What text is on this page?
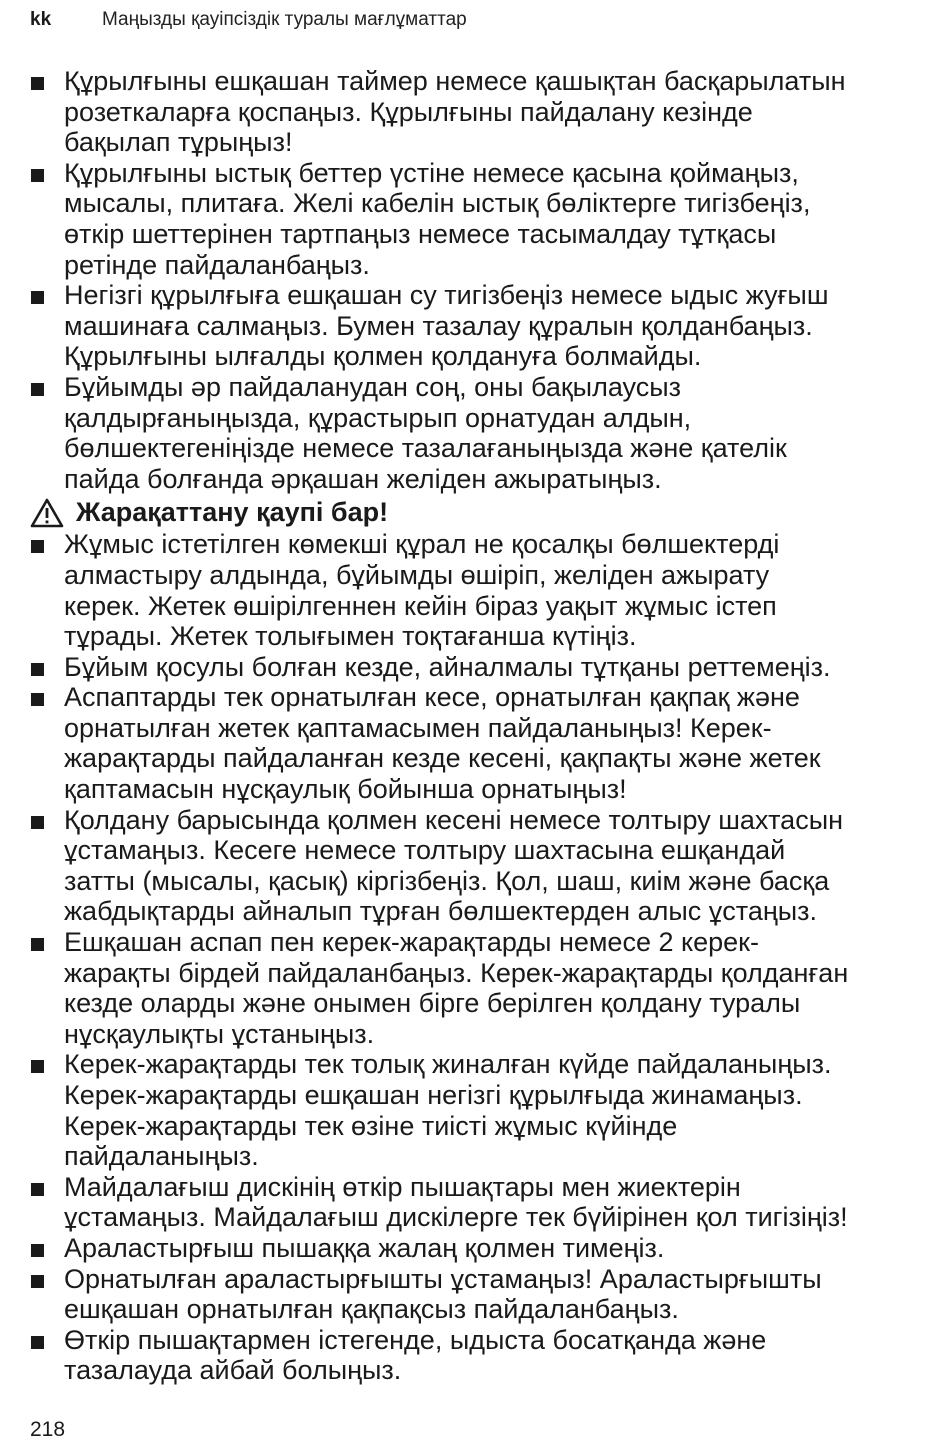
kk	Маңызды қауіпсіздік туралы мағлұматтар
Құрылғыны ешқашан таймер немесе қашықтан басқарылатын
розеткаларға қоспаңыз. Құрылғыны пайдалану кезінде
бақылап тұрыңыз!
Құрылғыны ыстық беттер үстіне немесе қасына қоймаңыз,
мысалы, плитаға. Желі кабелін ыстық бөліктерге тигізбеңіз,
өткір шеттерінен тартпаңыз немесе тасымалдау тұтқасы
ретінде пайдаланбаңыз.
Негізгі құрылғыға ешқашан су тигізбеңіз немесе ыдыс жуғыш
машинаға салмаңыз. Бумен тазалау құралын қолданбаңыз.
Құрылғыны ылғалды қолмен қолдануға болмайды.
Бұйымды әр пайдаланудан соң, оны бақылаусыз
қалдырғаныңызда, құрастырып орнатудан алдын,
бөлшектегеніңізде немесе тазалағаныңызда және қателік
пайда болғанда әрқашан желіден ажыратыңыз.
Жарақаттану қаупі бар!
Жұмыс істетілген көмекші құрал не қосалқы бөлшектерді
алмастыру алдында, бұйымды өшіріп, желіден ажырату
керек. Жетек өшірілгеннен кейін біраз уақыт жұмыс істеп
тұрады. Жетек толығымен тоқтағанша күтіңіз.
Бұйым қосулы болған кезде, айналмалы тұтқаны реттемеңіз.
Аспаптарды тек орнатылған кесе, орнатылған қақпақ және
орнатылған жетек қаптамасымен пайдаланыңыз! Керек-
жарақтарды пайдаланған кезде кесені, қақпақты және жетек
қаптамасын нұсқаулық бойынша орнатыңыз!
Қолдану барысында қолмен кесені немесе толтыру шахтасын
ұстамаңыз. Кесеге немесе толтыру шахтасына ешқандай
затты (мысалы, қасық) кіргізбеңіз. Қол, шаш, киім және басқа
жабдықтарды айналып тұрған бөлшектерден алыс ұстаңыз.
Ешқашан аспап пен керек-жарақтарды немесе 2 керек-
жарақты бірдей пайдаланбаңыз. Керек-жарақтарды қолданған
кезде оларды және онымен бірге берілген қолдану туралы
нұсқаулықты ұстаныңыз.
Керек-жарақтарды тек толық жиналған күйде пайдаланыңыз.
Керек-жарақтарды ешқашан негізгі құрылғыда жинамаңыз.
Керек-жарақтарды тек өзіне тиісті жұмыс күйінде
пайдаланыңыз.
Майдалағыш дискінің өткір пышақтары мен жиектерін
ұстамаңыз. Майдалағыш дискілерге тек бүйірінен қол тигізіңіз!
Араластырғыш пышаққа жалаң қолмен тимеңіз.
Орнатылған араластырғышты ұстамаңыз! Араластырғышты
ешқашан орнатылған қақпақсыз пайдаланбаңыз.
Өткір пышақтармен істегенде, ыдыста босатқанда және
тазалауда айбай болыңыз.
218
